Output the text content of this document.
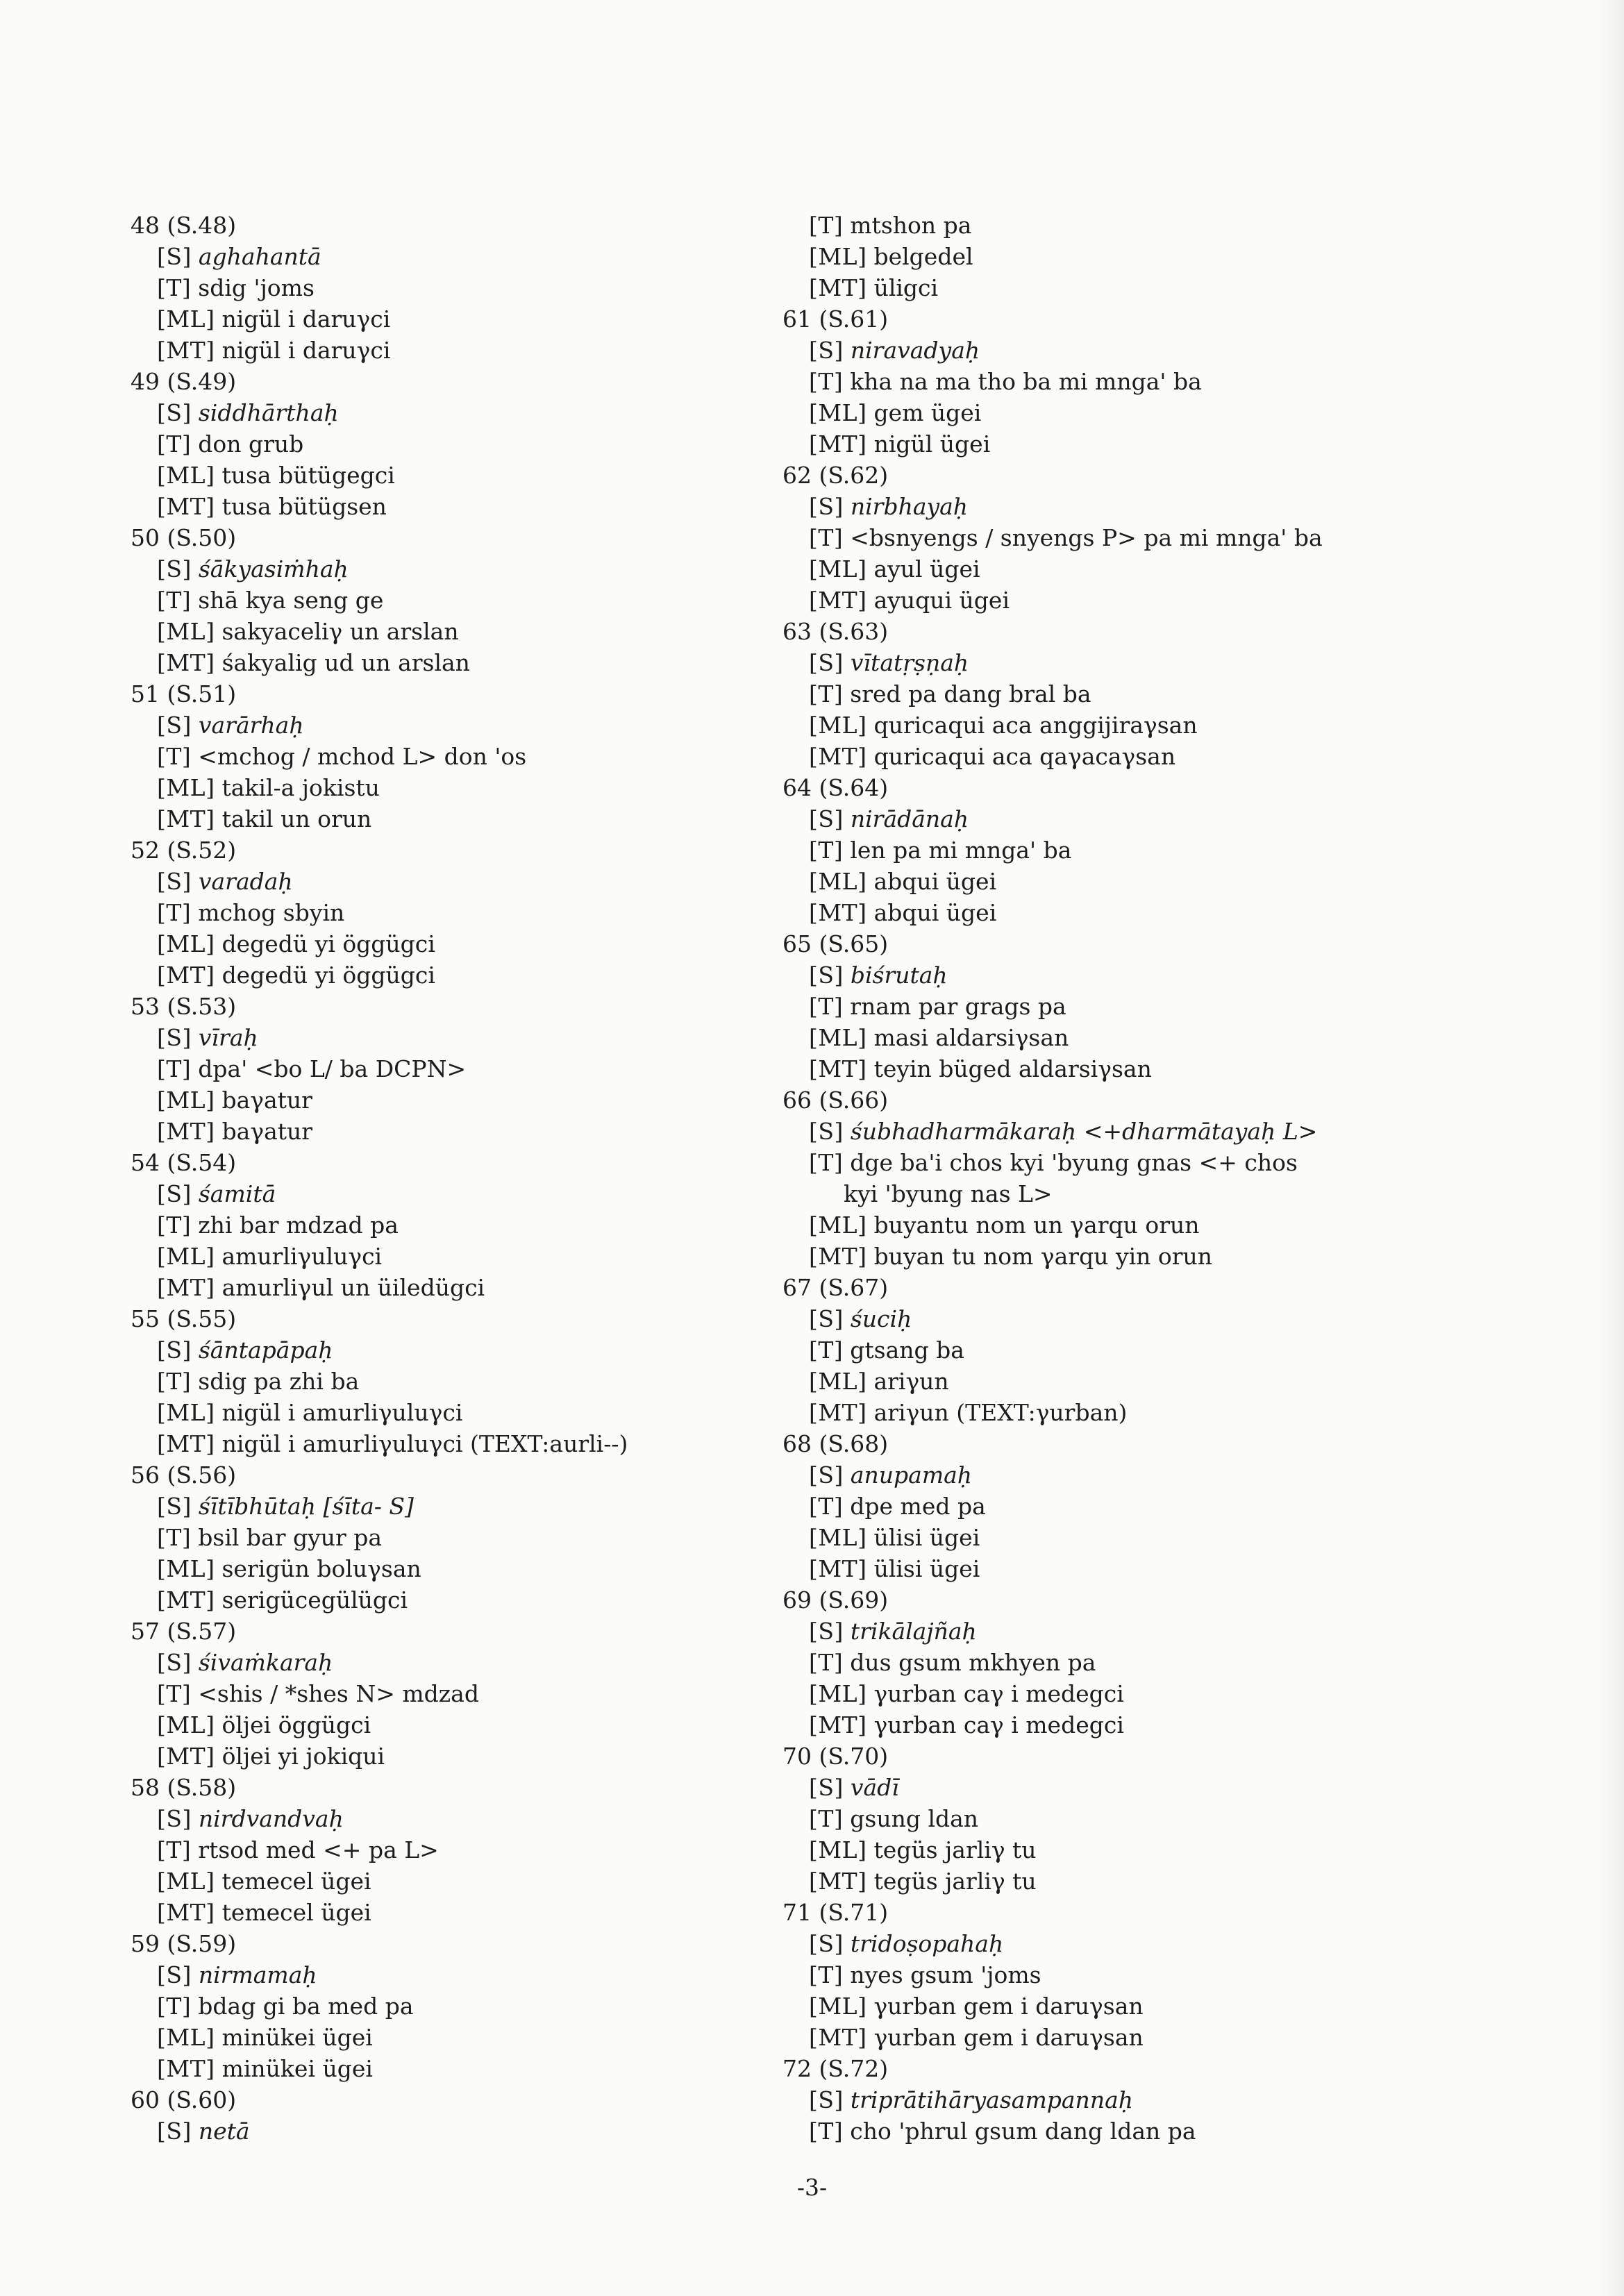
48 (S.48)
[S] aghahantā
[T] sdig 'joms
[ML] nigül i daruγci
[MT] nigül i daruγci
49 (S.49)
[S] siddhārthaḥ
[T] don grub
[ML] tusa bütügegci
[MT] tusa bütügsen
50 (S.50)
[S] śākyasiṁhaḥ
[T] shā kya seng ge
[ML] sakyaceliγ un arslan
[MT] śakyalig ud un arslan
51 (S.51)
[S] varārhaḥ
[T] <mchog / mchod L> don 'os
[ML] takil-a jokistu
[MT] takil un orun
52 (S.52)
[S] varadaḥ
[T] mchog sbyin
[ML] degedü yi öggügci
[MT] degedü yi öggügci
53 (S.53)
[S] vīraḥ
[T] dpa' <bo L/ ba DCPN>
[ML] baγatur
[MT] baγatur
54 (S.54)
[S] śamitā
[T] zhi bar mdzad pa
[ML] amurliγuluγci
[MT] amurliγul un üiledügci
55 (S.55)
[S] śāntapāpaḥ
[T] sdig pa zhi ba
[ML] nigül i amurliγuluγci
[MT] nigül i amurliγuluγci (TEXT:aurli--)
56 (S.56)
[S] śītībhūtaḥ [śīta- S]
[T] bsil bar gyur pa
[ML] serigün boluγsan
[MT] serigücegülügci
57 (S.57)
[S] śivaṁkaraḥ
[T] <shis / *shes N> mdzad
[ML] öljei öggügci
[MT] öljei yi jokiqui
58 (S.58)
[S] nirdvandvaḥ
[T] rtsod med <+ pa L>
[ML] temecel ügei
[MT] temecel ügei
59 (S.59)
[S] nirmamaḥ
[T] bdag gi ba med pa
[ML] minükei ügei
[MT] minükei ügei
60 (S.60)
[S] netā
[T] mtshon pa
[ML] belgedel
[MT] üligci
61 (S.61)
[S] niravadyaḥ
[T] kha na ma tho ba mi mnga' ba
[ML] gem ügei
[MT] nigül ügei
62 (S.62)
[S] nirbhayaḥ
[T] <bsnyengs / snyengs P> pa mi mnga' ba
[ML] ayul ügei
[MT] ayuqui ügei
63 (S.63)
[S] vītatṛṣṇaḥ
[T] sred pa dang bral ba
[ML] quricaqui aca anggijiraγsan
[MT] quricaqui aca qaγacaγsan
64 (S.64)
[S] nirādānaḥ
[T] len pa mi mnga' ba
[ML] abqui ügei
[MT] abqui ügei
65 (S.65)
[S] biśrutaḥ
[T] rnam par grags pa
[ML] masi aldarsiγsan
[MT] teyin büged aldarsiγsan
66 (S.66)
[S] śubhadharmākaraḥ <+dharmātayaḥ L>
[T] dge ba'i chos kyi 'byung gnas <+ chos
kyi 'byung nas L>
[ML] buyantu nom un γarqu orun
[MT] buyan tu nom γarqu yin orun
67 (S.67)
[S] śuciḥ
[T] gtsang ba
[ML] ariγun
[MT] ariγun (TEXT:γurban)
68 (S.68)
[S] anupamaḥ
[T] dpe med pa
[ML] ülisi ügei
[MT] ülisi ügei
69 (S.69)
[S] trikālajñaḥ
[T] dus gsum mkhyen pa
[ML] γurban caγ i medegci
[MT] γurban caγ i medegci
70 (S.70)
[S] vādī
[T] gsung ldan
[ML] tegüs jarliγ tu
[MT] tegüs jarliγ tu
71 (S.71)
[S] tridoṣopahaḥ
[T] nyes gsum 'joms
[ML] γurban gem i daruγsan
[MT] γurban gem i daruγsan
72 (S.72)
[S] triprātihāryasampannaḥ
[T] cho 'phrul gsum dang ldan pa
-3-
